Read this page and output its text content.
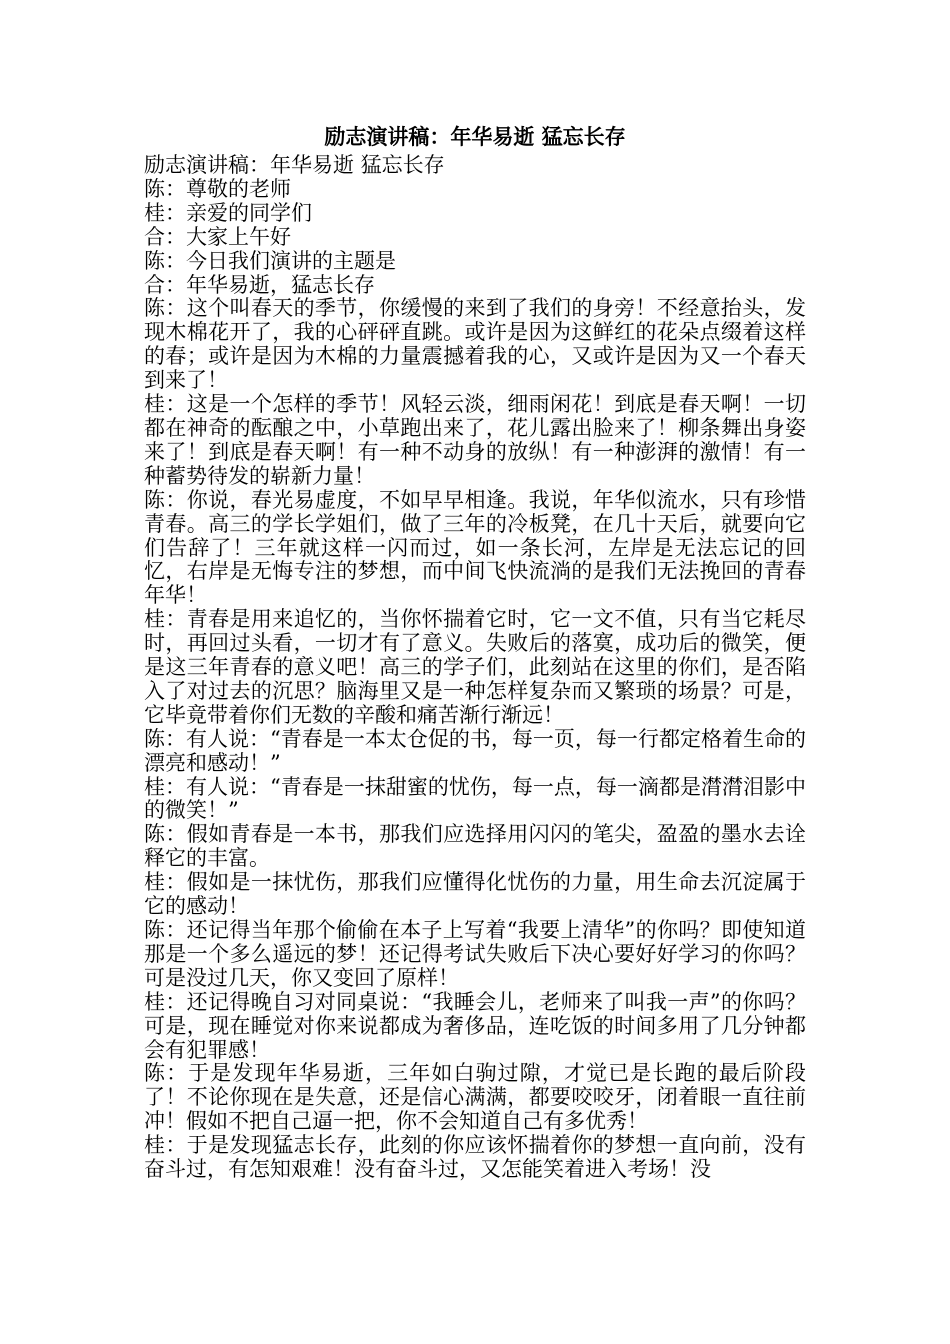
励志演讲稿：年华易逝 猛忘长存

励志演讲稿：年华易逝 猛忘长存

陈：尊敬的老师

桂：亲爱的同学们

合：大家上午好

陈：今日我们演讲的主题是

合：年华易逝，猛志长存

陈：这个叫春天的季节，你缓慢的来到了我们的身旁！不经意抬头，发现木棉花开了，我的心砰砰直跳。或许是因为这鲜红的花朵点缀着这样的春；或许是因为木棉的力量震撼着我的心，又或许是因为又一个春天到来了！

桂：这是一个怎样的季节！风轻云淡，细雨闲花！到底是春天啊！一切都在神奇的酝酿之中，小草跑出来了，花儿露出脸来了！柳条舞出身姿来了！到底是春天啊！有一种不动身的放纵！有一种澎湃的激情！有一种蓄势待发的崭新力量！

陈：你说，春光易虚度，不如早早相逢。我说，年华似流水，只有珍惜青春。高三的学长学姐们，做了三年的冷板凳，在几十天后，就要向它们告辞了！三年就这样一闪而过，如一条长河，左岸是无法忘记的回忆，右岸是无悔专注的梦想，而中间飞快流淌的是我们无法挽回的青春年华！

桂：青春是用来追忆的，当你怀揣着它时，它一文不值，只有当它耗尽时，再回过头看，一切才有了意义。失败后的落寞，成功后的微笑，便是这三年青春的意义吧！高三的学子们，此刻站在这里的你们，是否陷入了对过去的沉思？脑海里又是一种怎样复杂而又繁琐的场景？可是，它毕竟带着你们无数的辛酸和痛苦渐行渐远！

陈：有人说：“青春是一本太仓促的书，每一页，每一行都定格着生命的漂亮和感动！”

桂：有人说：“青春是一抹甜蜜的忧伤，每一点，每一滴都是潸潸泪影中的微笑！”

陈：假如青春是一本书，那我们应选择用闪闪的笔尖，盈盈的墨水去诠释它的丰富。

桂：假如是一抹忧伤，那我们应懂得化忧伤的力量，用生命去沉淀属于它的感动！

陈：还记得当年那个偷偷在本子上写着“我要上清华”的你吗？即使知道那是一个多么遥远的梦！还记得考试失败后下决心要好好学习的你吗？可是没过几天，你又变回了原样！

桂：还记得晚自习对同桌说：“我睡会儿，老师来了叫我一声”的你吗？可是，现在睡觉对你来说都成为奢侈品，连吃饭的时间多用了几分钟都会有犯罪感！

陈：于是发现年华易逝，三年如白驹过隙，才觉已是长跑的最后阶段了！不论你现在是失意，还是信心满满，都要咬咬牙，闭着眼一直往前冲！假如不把自己逼一把，你不会知道自己有多优秀！

桂：于是发现猛志长存，此刻的你应该怀揣着你的梦想一直向前，没有奋斗过，有怎知艰难！没有奋斗过，又怎能笑着进入考场！没
